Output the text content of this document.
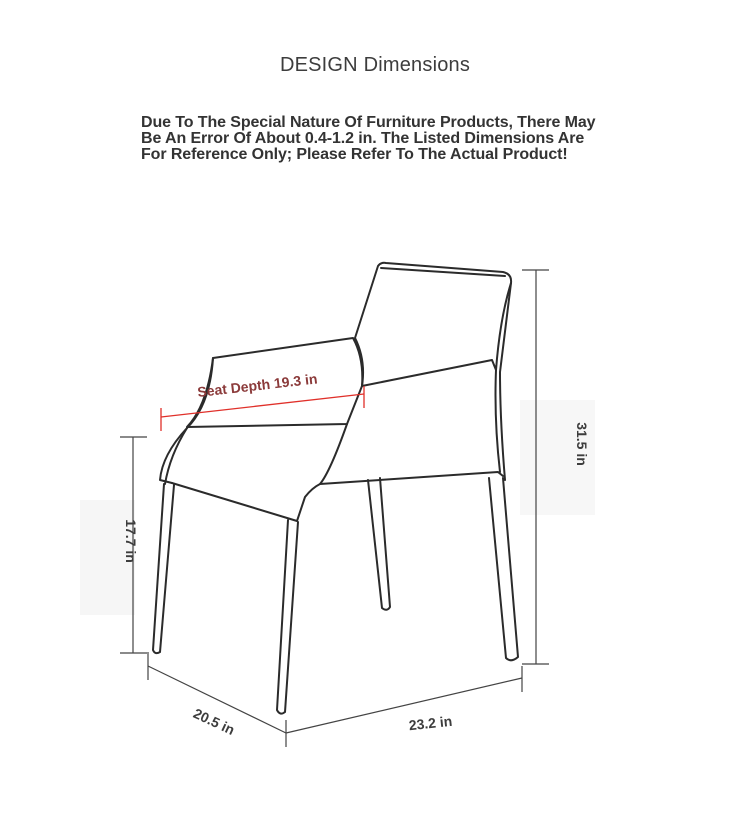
DESIGN Dimensions
Due To The Special Nature Of Furniture Products, There May
Be An Error Of About 0.4-1.2 in. The Listed Dimensions Are
For Reference Only; Please Refer To The Actual Product!
Seat Depth 19.3 in
31.5 in
17.7 in
20.5 in	23.2 in
